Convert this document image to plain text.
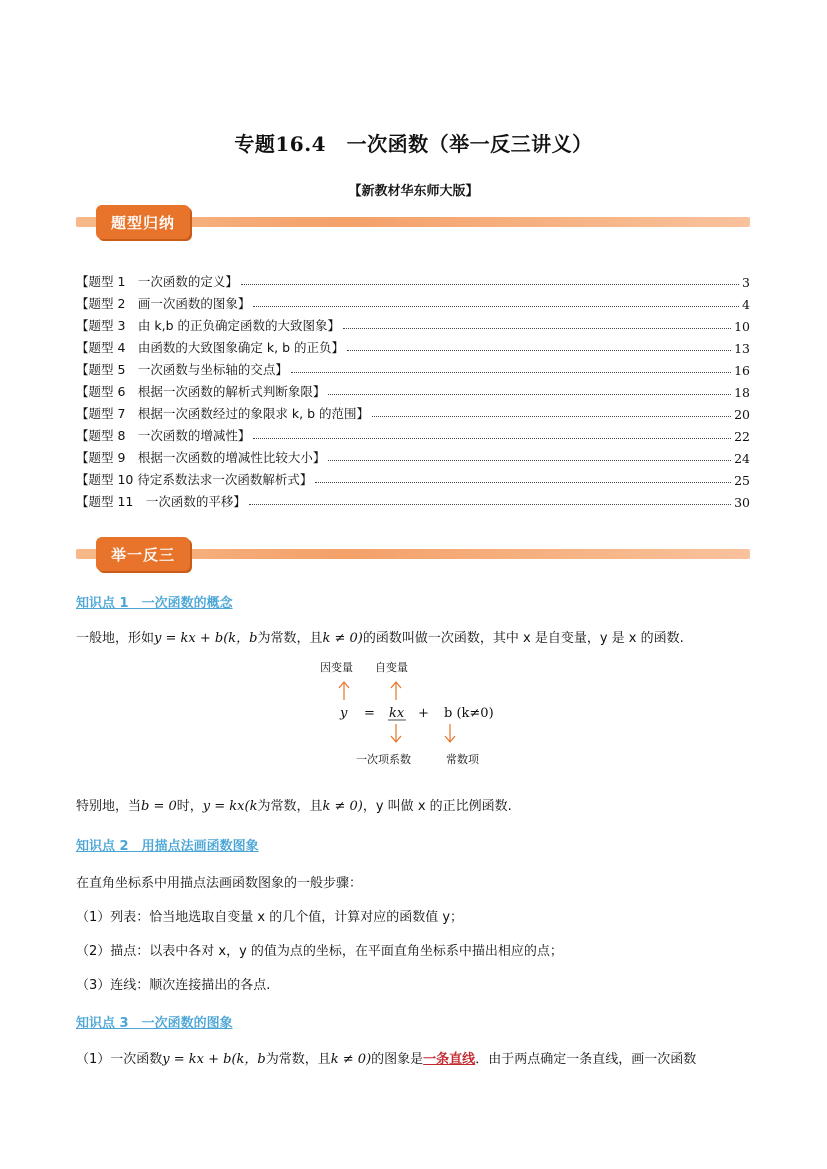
专题16.4　一次函数（举一反三讲义）
【新教材华东师大版】
题型归纳
【题型 1　一次函数的定义】	3
【题型 2　画一次函数的图象】	4
【题型 3　由 k,b 的正负确定函数的大致图象】	10
【题型 4　由函数的大致图象确定 k, b 的正负】	13
【题型 5　一次函数与坐标轴的交点】	16
【题型 6　根据一次函数的解析式判断象限】	18
【题型 7　根据一次函数经过的象限求 k, b 的范围】	20
【题型 8　一次函数的增减性】	22
【题型 9　根据一次函数的增减性比较大小】	24
【题型 10 待定系数法求一次函数解析式】	25
【题型 11　一次函数的平移】	30
举一反三
知识点 1　一次函数的概念
一般地，形如y = kx + b(k，b为常数，且k ≠ 0)的函数叫做一次函数，其中 x 是自变量，y 是 x 的函数.
因变量 自变量
y = kx + b (k≠0)
一次项系数	常数项
特别地，当b = 0时，y = kx(k为常数，且k ≠ 0)，y 叫做 x 的正比例函数.
知识点 2　用描点法画函数图象
在直角坐标系中用描点法画函数图象的一般步骤：
（1）列表：恰当地选取自变量 x 的几个值，计算对应的函数值 y；
（2）描点：以表中各对 x，y 的值为点的坐标，在平面直角坐标系中描出相应的点；
（3）连线：顺次连接描出的各点.
知识点 3　一次函数的图象
（1）一次函数y = kx + b(k，b为常数，且k ≠ 0)的图象是一条直线．由于两点确定一条直线，画一次函数
